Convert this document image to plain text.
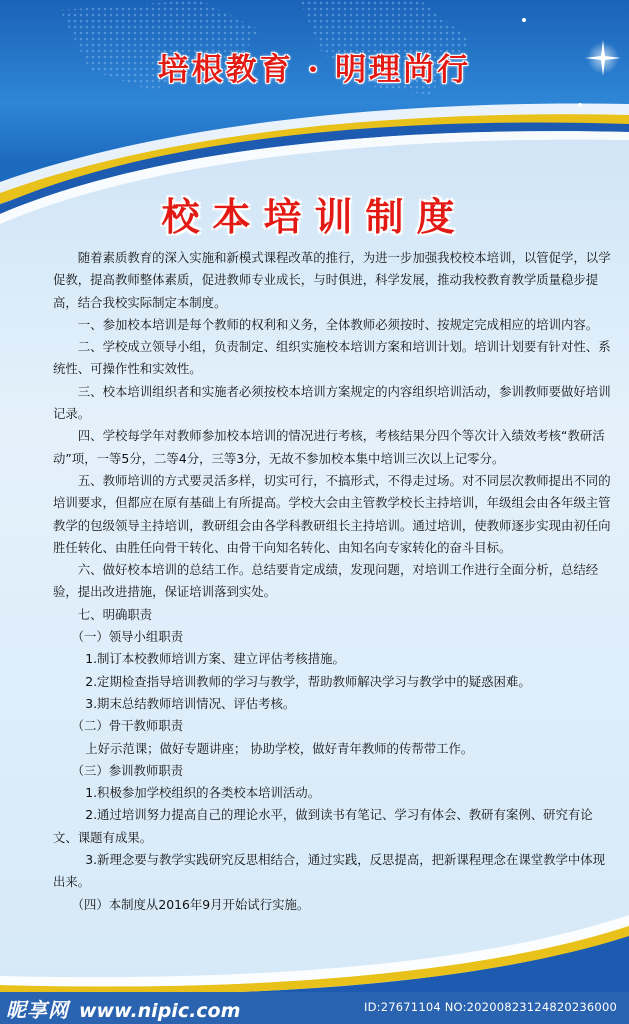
培根教育 · 明理尚行
校本培训制度

随着素质教育的深入实施和新模式课程改革的推行，为进一步加强我校校本培训，以管促学，以学促教，提高教师整体素质，促进教师专业成长，与时俱进，科学发展，推动我校教育教学质量稳步提高，结合我校实际制定本制度。

一、参加校本培训是每个教师的权利和义务，全体教师必须按时、按规定完成相应的培训内容。

二、学校成立领导小组，负责制定、组织实施校本培训方案和培训计划。培训计划要有针对性、系统性、可操作性和实效性。

三、校本培训组织者和实施者必须按校本培训方案规定的内容组织培训活动，参训教师要做好培训记录。

四、学校每学年对教师参加校本培训的情况进行考核，考核结果分四个等次计入绩效考核“教研活动”项，一等5分，二等4分，三等3分，无故不参加校本集中培训三次以上记零分。

五、教师培训的方式要灵活多样，切实可行，不搞形式，不得走过场。对不同层次教师提出不同的培训要求，但都应在原有基础上有所提高。学校大会由主管教学校长主持培训，年级组会由各年级主管教学的包级领导主持培训，教研组会由各学科教研组长主持培训。通过培训，使教师逐步实现由初任向胜任转化、由胜任向骨干转化、由骨干向知名转化、由知名向专家转化的奋斗目标。

六、做好校本培训的总结工作。总结要肯定成绩，发现问题，对培训工作进行全面分析，总结经验，提出改进措施，保证培训落到实处。

七、明确职责

（一）领导小组职责

1.制订本校教师培训方案、建立评估考核措施。

2.定期检查指导培训教师的学习与教学，帮助教师解决学习与教学中的疑惑困难。

3.期末总结教师培训情况、评估考核。

（二）骨干教师职责

上好示范课；做好专题讲座； 协助学校，做好青年教师的传帮带工作。

（三）参训教师职责

1.积极参加学校组织的各类校本培训活动。

2.通过培训努力提高自己的理论水平，做到读书有笔记、学习有体会、教研有案例、研究有论文、课题有成果。

3.新理念要与教学实践研究反思相结合，通过实践，反思提高，把新课程理念在课堂教学中体现出来。

（四）本制度从2016年9月开始试行实施。

昵享网 www.nipic.com	ID:27671104 NO:20200823124820236000
